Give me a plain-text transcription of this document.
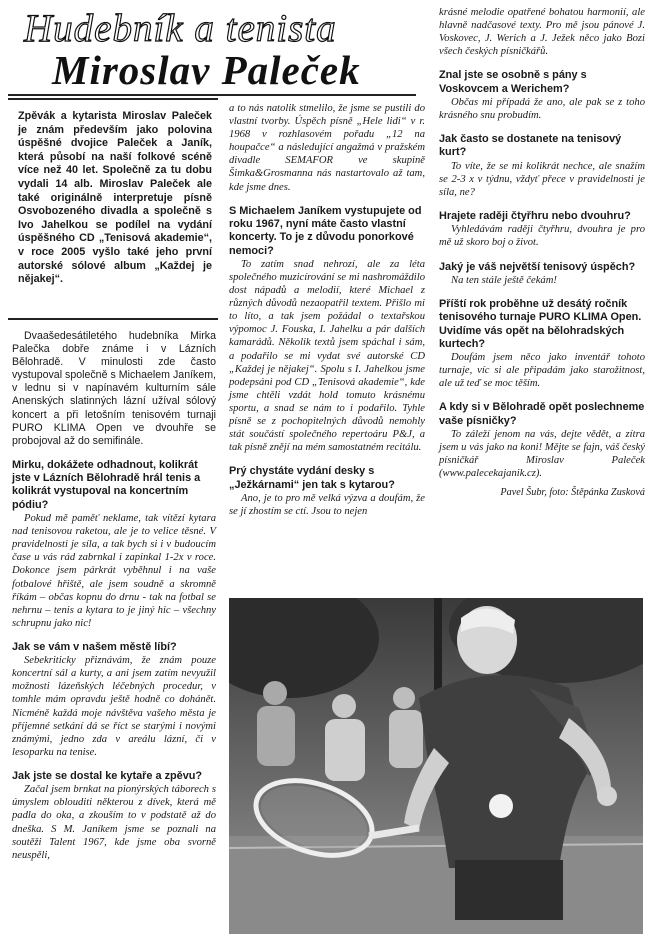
Hudebník a tenista
Miroslav Paleček
Zpěvák a kytarista Miroslav Paleček je znám především jako polovina úspěšné dvojice Paleček a Janík, která působí na naší folkové scéně více než 40 let. Společně za tu dobu vydali 14 alb. Miroslav Paleček ale také originálně interpretuje písně Osvobozeného divadla a společně s Ivo Jahelkou se podílel na vydání úspěšného CD „Tenisová akademie“, v roce 2005 vyšlo také jeho první autorské sólové album „Každej je nějakej“.

Dvaašedesátiletého hudebníka Mirka Palečka dobře známe i v Lázních Bělohradě. V minulosti zde často vystupoval společně s Michaelem Janíkem, v lednu si v napínavém kulturním sále Anenských slatinných lázní užíval sólový koncert a při letošním tenisovém turnaji PURO KLIMA Open ve dvouhře se probojoval až do semifinále.

Mirku, dokážete odhadnout, kolikrát jste v Lázních Bělohradě hrál tenis a kolikrát vystupoval na koncertním pódiu?

Pokud mě paměť neklame, tak vítězí kytara nad tenisovou raketou, ale je to velice těsné. V pravidelnosti je síla, a tak bych si i v budoucím čase u vás rád zabrnkal i zapinkal 1-2x v roce. Dokonce jsem párkrát vyběhnul i na vaše fotbalové hřiště, ale jsem soudně a skromně říkám – občas kopnu do drnu - tak na fotbal se nehrnu – tenis a kytara to je jiný hic – všechny schrupnu jako nic!

Jak se vám v našem městě líbí?

Sebekriticky přiznávám, že znám pouze koncertní sál a kurty, a ani jsem zatím nevyužil možnosti lázeňských léčebných procedur, v tomhle mám opravdu ještě hodně co dohánět. Nicméně každá moje návštěva vašeho města je příjemné setkání dá se říct se starými i novými známými, jedno zda v areálu lázní, či v lesoparku na tenise.

Jak jste se dostal ke kytaře a zpěvu?

Začal jsem brnkat na pionýrských táborech s úmyslem oblouditi některou z dívek, která mě padla do oka, a zkouším to v podstatě až do dneška. S M. Janíkem jsme se poznali na soutěži Talent 1967, kde jsme oba svorně neuspěli,

a to nás natolik stmelilo, že jsme se pustili do vlastní tvorby. Úspěch písně „Hele lidi“ v r. 1968 v rozhlasovém pořadu „12 na houpačce“ a následující angažmá v pražském divadle SEMAFOR ve skupině Šimka&Grosmanna nás nastartovalo až tam, kde jsme dnes.

S Michaelem Janíkem vystupujete od roku 1967, nyní máte často vlastní koncerty. To je z důvodu ponorkové nemoci?

To zatím snad nehrozí, ale za léta společného muzicírování se mi nashromáždilo dost nápadů a melodií, které Michael z různých důvodů nezaopatřil textem. Přišlo mi to líto, a tak jsem požádal o textařskou výpomoc J. Fouska, I. Jahelku a pár dalších kamarádů. Několik textů jsem spáchal i sám, a podařilo se mi vydat své autorské CD „Každej je nějakej“. Spolu s I. Jahelkou jsme podepsáni pod CD „Tenisová akademie“, kde jsme chtěli vzdát hold tomuto krásnému sportu, a snad se nám to i podařilo. Tyhle písně se z pochopitelných důvodů nemohly stát součástí společného repertoáru P&J, a tak písně znějí na mém samostatném recitálu.

Prý chystáte vydání desky s „Ježkárnami“ jen tak s kytarou?

Ano, je to pro mě velká výzva a doufám, že se jí zhostím se ctí. Jsou to nejen

krásné melodie opatřené bohatou harmonií, ale hlavně nadčasové texty. Pro mě jsou pánové J. Voskovec, J. Werich a J. Ježek něco jako Bozi všech českých písničkářů.

Znal jste se osobně s pány s Voskovcem a Werichem?

Občas mi případá že ano, ale pak se z toho krásného snu probudím.

Jak často se dostanete na tenisový kurt?

To víte, že se mi kolikrát nechce, ale snažím se 2-3 x v týdnu, vždyť přece v pravidelnosti je síla, ne?

Hrajete raději čtyřhru nebo dvouhru?

Vyhledávám raději čtyřhru, dvouhra je pro mě už skoro boj o život.

Jaký je váš největší tenisový úspěch?

Na ten stále ještě čekám!

Příští rok proběhne už desátý ročník tenisového turnaje PURO KLIMA Open. Uvidíme vás opět na bělohradských kurtech?

Doufám jsem něco jako inventář tohoto turnaje, víc si ale připadám jako starožitnost, ale už teď se moc těším.

A kdy si v Bělohradě opět poslechneme vaše písničky?

To záleží jenom na vás, dejte vědět, a zítra jsem u vás jako na koni! Mějte se fajn, váš český písničkář Miroslav Paleček (www.palecekajanik.cz).

Pavel Šubr, foto: Štěpánka Zusková
